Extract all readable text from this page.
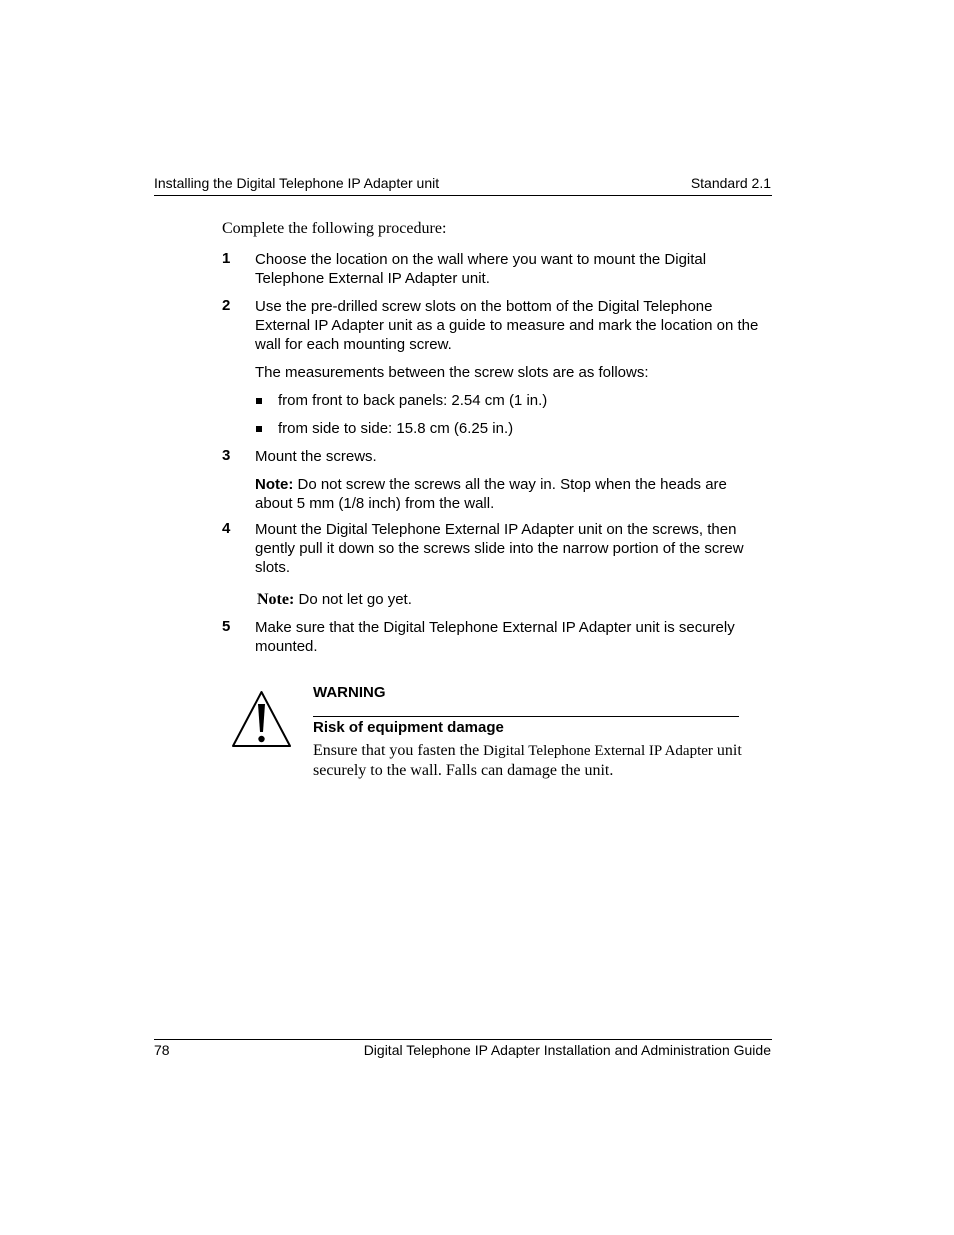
Installing the Digital Telephone IP Adapter unit	Standard 2.1
Complete the following procedure:
1 Choose the location on the wall where you want to mount the Digital Telephone External IP Adapter unit.
2 Use the pre-drilled screw slots on the bottom of the Digital Telephone External IP Adapter unit as a guide to measure and mark the location on the wall for each mounting screw.
The measurements between the screw slots are as follows:
from front to back panels: 2.54 cm (1 in.)
from side to side: 15.8 cm (6.25 in.)
3 Mount the screws.
Note: Do not screw the screws all the way in. Stop when the heads are about 5 mm (1/8 inch) from the wall.
4 Mount the Digital Telephone External IP Adapter unit on the screws, then gently pull it down so the screws slide into the narrow portion of the screw slots.
Note: Do not let go yet.
5 Make sure that the Digital Telephone External IP Adapter unit is securely mounted.
WARNING
Risk of equipment damage
Ensure that you fasten the Digital Telephone External IP Adapter unit securely to the wall. Falls can damage the unit.
78	Digital Telephone IP Adapter Installation and Administration Guide
